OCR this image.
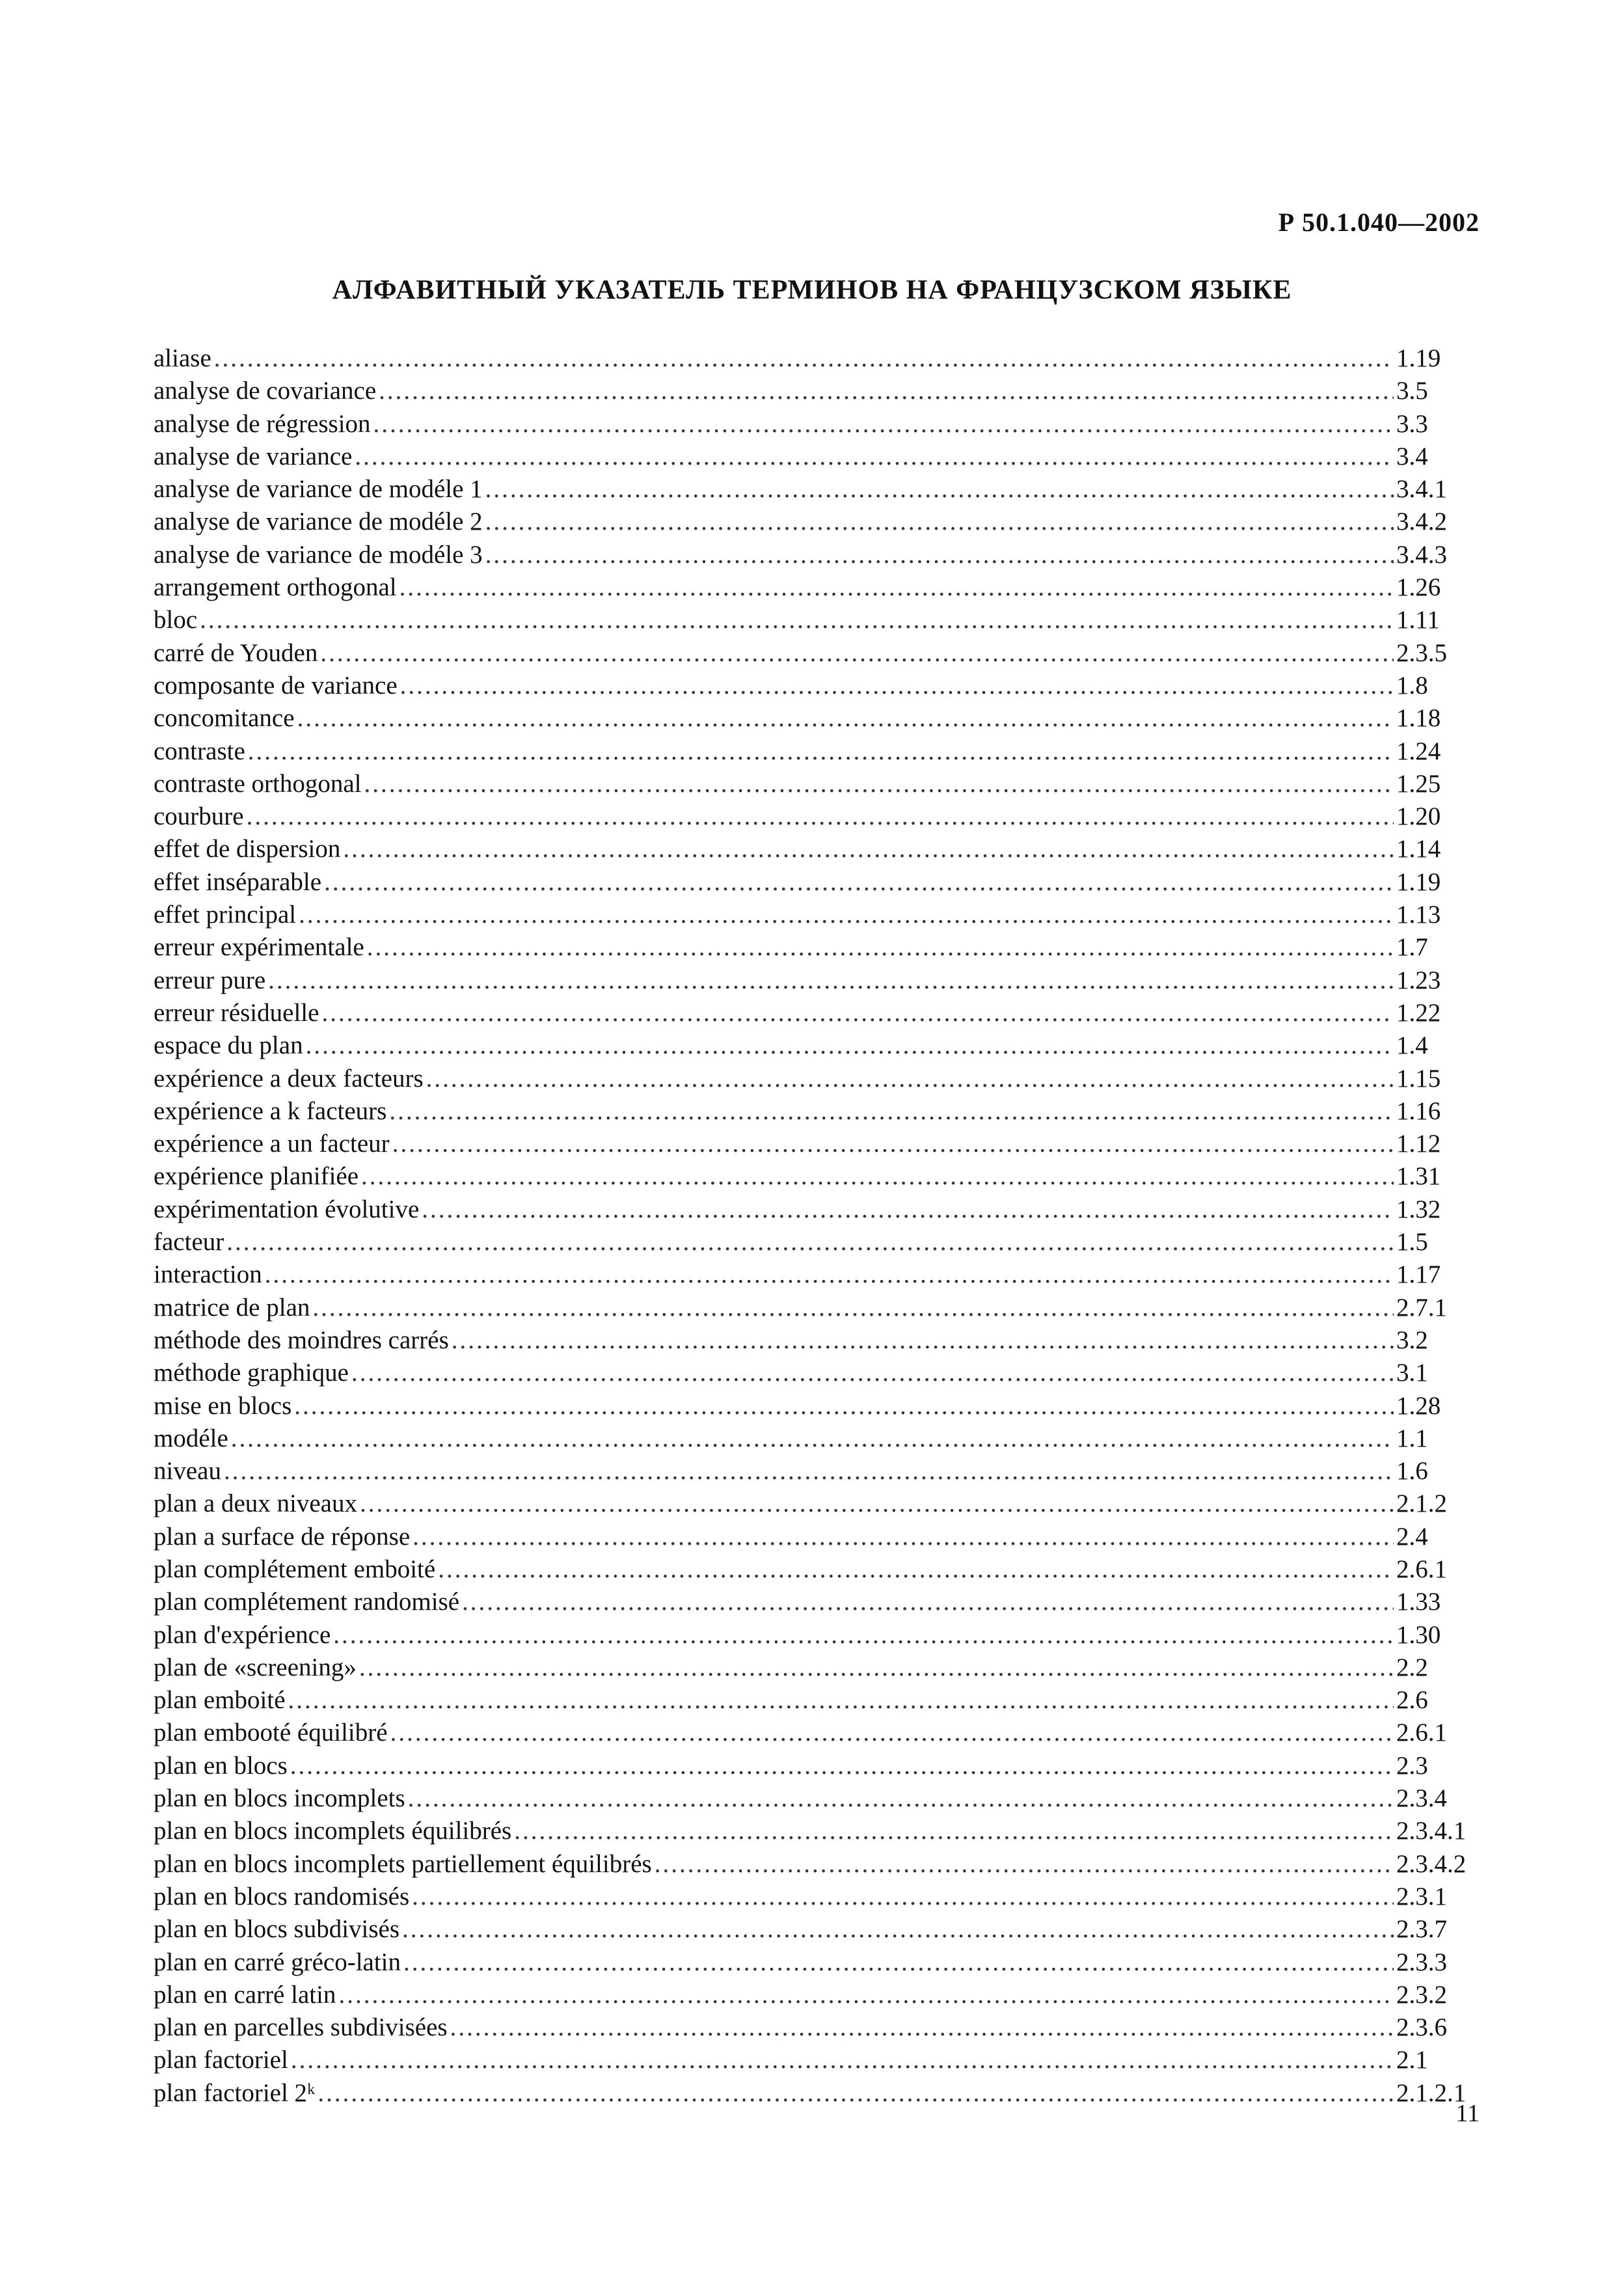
Р 50.1.040—2002
АЛФАВИТНЫЙ УКАЗАТЕЛЬ ТЕРМИНОВ НА ФРАНЦУЗСКОМ ЯЗЫКЕ
aliase .....	1.19
analyse de covariance .....	3.5
analyse de régression .....	3.3
analyse de variance .....	3.4
analyse de variance de modéle 1 .....	3.4.1
analyse de variance de modéle 2 .....	3.4.2
analyse de variance de modéle 3 .....	3.4.3
arrangement orthogonal .....	1.26
bloc .....	1.11
carré de Youden .....	2.3.5
composante de variance .....	1.8
concomitance .....	1.18
contraste .....	1.24
contraste orthogonal .....	1.25
courbure .....	1.20
effet de dispersion .....	1.14
effet inséparable .....	1.19
effet principal .....	1.13
erreur expérimentale .....	1.7
erreur pure .....	1.23
erreur résiduelle .....	1.22
espace du plan .....	1.4
expérience a deux facteurs .....	1.15
expérience a k facteurs .....	1.16
expérience a un facteur .....	1.12
expérience planifiée .....	1.31
expérimentation évolutive .....	1.32
facteur .....	1.5
interaction .....	1.17
matrice de plan .....	2.7.1
méthode des moindres carrés .....	3.2
méthode graphique .....	3.1
mise en blocs .....	1.28
modéle .....	1.1
niveau .....	1.6
plan a deux niveaux .....	2.1.2
plan a surface de réponse .....	2.4
plan complétement emboité .....	2.6.1
plan complétement randomisé .....	1.33
plan d'expérience .....	1.30
plan de «screening» .....	2.2
plan emboité .....	2.6
plan embooté équilibré .....	2.6.1
plan en blocs .....	2.3
plan en blocs incomplets .....	2.3.4
plan en blocs incomplets équilibrés .....	2.3.4.1
plan en blocs incomplets partiellement équilibrés .....	2.3.4.2
plan en blocs randomisés .....	2.3.1
plan en blocs subdivisés .....	2.3.7
plan en carré gréco-latin .....	2.3.3
plan en carré latin .....	2.3.2
plan en parcelles subdivisées .....	2.3.6
plan factoriel .....	2.1
plan factoriel 2ᵏ .....	2.1.2.1
11
